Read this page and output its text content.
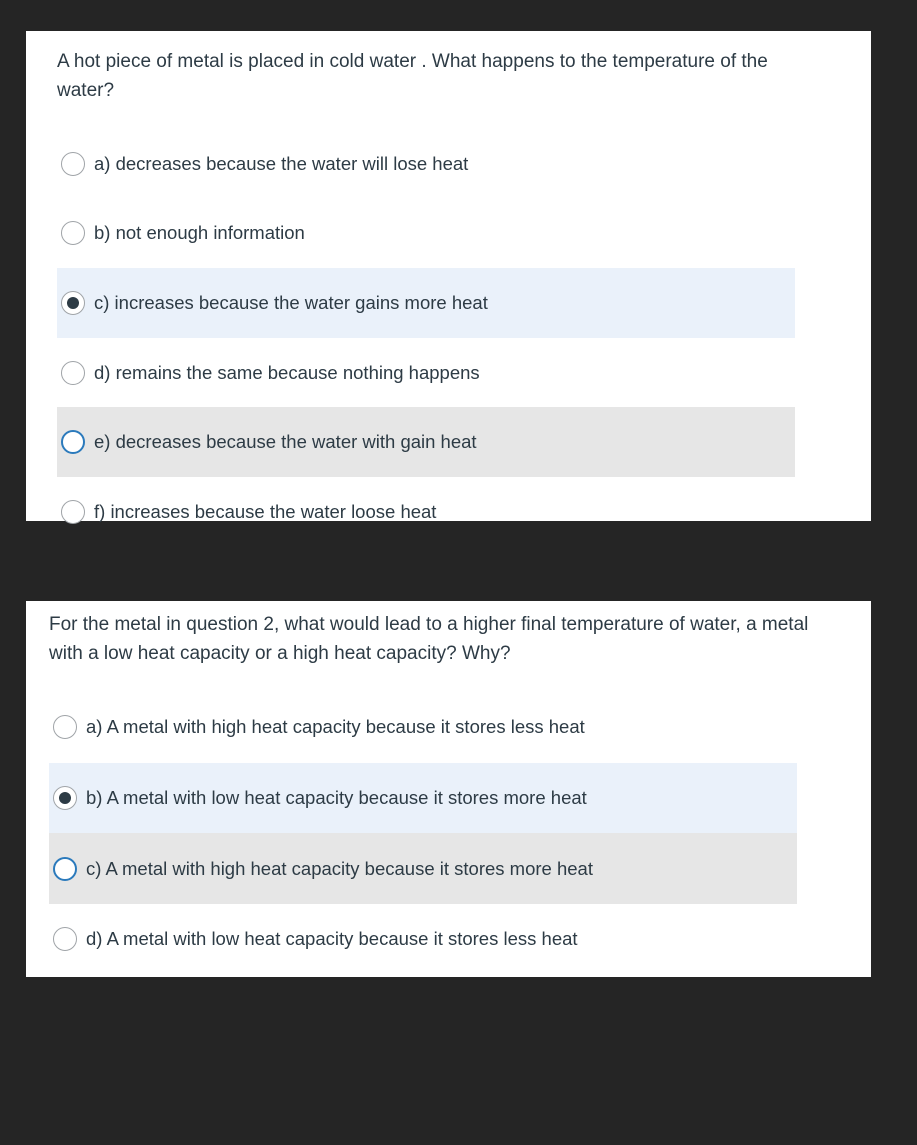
A hot piece of metal is placed in cold water . What happens to the temperature of the water?

a) decreases because the water will lose heat
b) not enough information
c) increases because the water gains more heat
d) remains the same because nothing happens
e) decreases because the water with gain heat
f) increases because the water loose heat

For the metal in question 2, what would lead to a higher final temperature of water, a metal with a low heat capacity or a high heat capacity? Why?

a) A metal with high heat capacity because it stores less heat
b) A metal with low heat capacity because it stores more heat
c) A metal with high heat capacity because it stores more heat
d) A metal with low heat capacity because it stores less heat
